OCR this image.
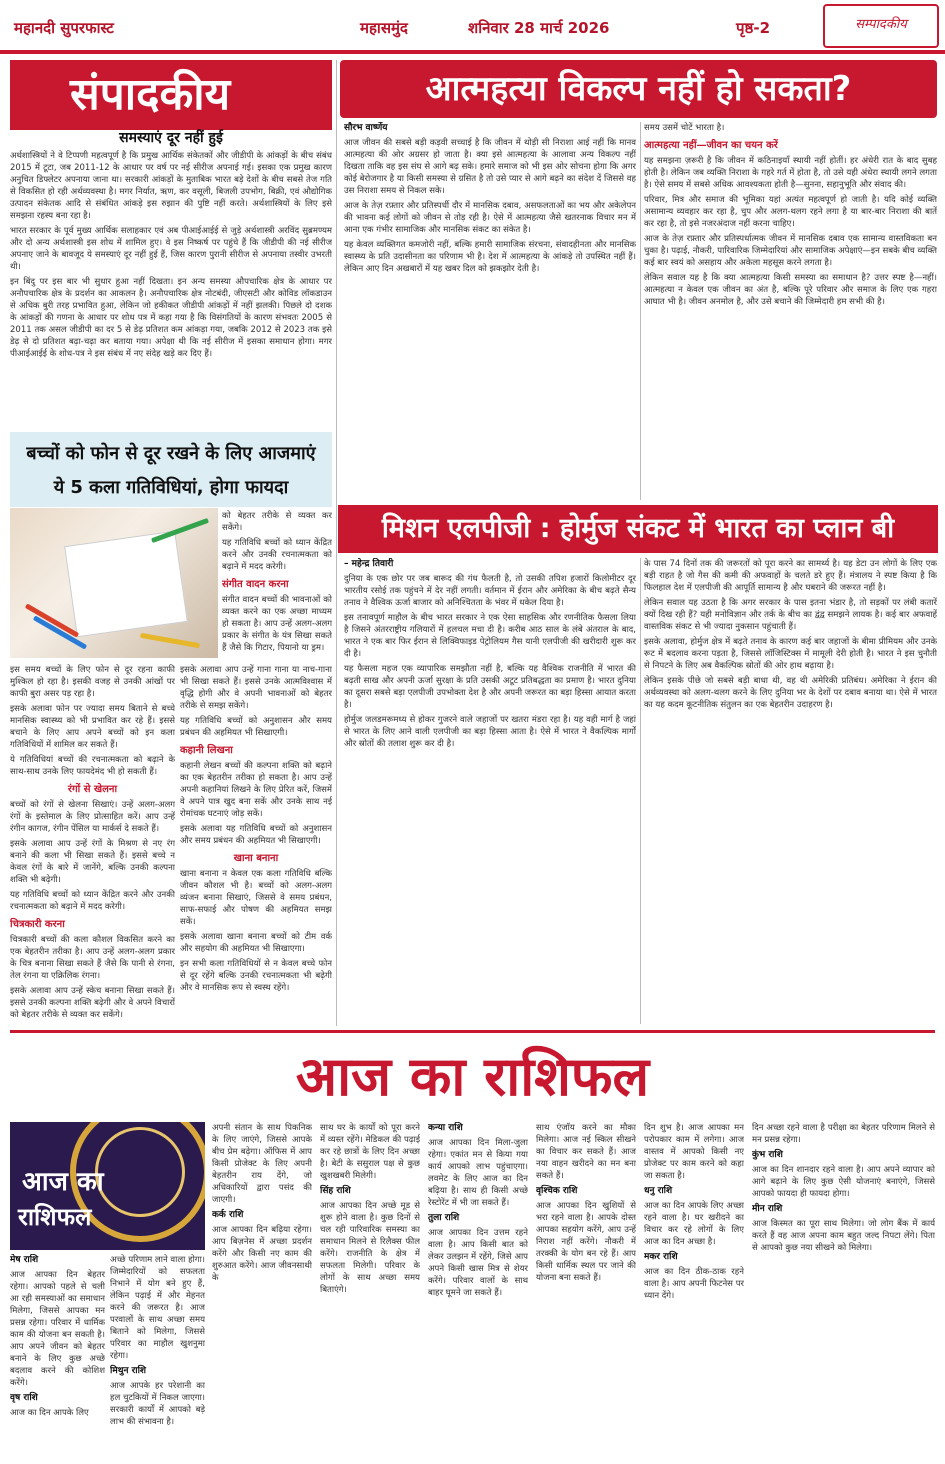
महानदी सुपरफास्ट	महासमुंद	शनिवार 28 मार्च 2026	पृष्ठ-2	सम्पादकीय
संपादकीय
समस्याएं दूर नहीं हुई

अर्थशास्त्रियों ने वे टिप्पणी महत्वपूर्ण है कि प्रमुख आर्थिक संकेतकों और जीडीपी के आंकड़ों के बीच संबंध 2015 में टूटा, जब 2011-12 के आधार पर वर्ष पर नई सीरीज अपनाई गई। इसका एक प्रमुख कारण अनुचित डिफ्लेटर अपनाया जाना था। सरकारी आंकड़ों के मुताबिक भारत बड़े देशों के बीच सबसे तेज गति से विकसित हो रही अर्थव्यवस्था है। मगर निर्यात, ऋण, कर वसूली, बिजली उपभोग, बिक्री, एवं औद्योगिक उत्पादन संकेतक आदि से संबंधित आंकड़े इस रुझान की पुष्टि नहीं करते। अर्थशास्त्रियों के लिए इसे समझना रहस्य बना रहा है।

भारत सरकार के पूर्व मुख्य आर्थिक सलाहकार एवं अब पीआईआईई से जुड़े अर्थशास्त्री अरविंद सुब्रमण्यम और दो अन्य अर्थशास्त्री इस शोध में शामिल हुए। वे इस निष्कर्ष पर पहुंचे हैं कि जीडीपी की नई सीरीज अपनाए जाने के बावजूद ये समस्याएं दूर नहीं हुई हैं, जिस कारण पुरानी सीरीज से अपनाया तस्वीर उभरती थी।

इन बिंदु पर इस बार भी सुधार हुआ नहीं दिखता। इन अन्य समस्या औपचारिक क्षेत्र के आधार पर अनौपचारिक क्षेत्र के प्रदर्शन का आकलन है। अनौपचारिक क्षेत्र नोटबंदी, जीएसटी और कोविड लॉकडाउन से अधिक बुरी तरह प्रभावित हुआ, लेकिन जो हकीकत जीडीपी आंकड़ों में नहीं झलकी। पिछले दो दशक के आंकड़ों की गणना के आधार पर शोध पत्र में कहा गया है कि विसंगतियों के कारण संभवतः 2005 से 2011 तक असल जीडीपी का दर 5 से डेढ़ प्रतिशत कम आंकड़ा गया, जबकि 2012 से 2023 तक इसे डेढ़ से दो प्रतिशत बढ़ा-चढ़ा कर बताया गया। अपेक्षा थी कि नई सीरीज में इसका समाधान होगा। मगर पीआईआईई के शोध-पत्र ने इस संबंध में नए संदेह खड़े कर दिए हैं।

बच्चों को फोन से दूर रखने के लिए आजमाएं
ये 5 कला गतिविधियां, होगा फायदा

को बेहतर तरीके से व्यक्त कर सकेंगे।

यह गतिविधि बच्चों को ध्यान केंद्रित करने और उनकी रचनात्मकता को बढ़ाने में मदद करेगी।

संगीत वादन करना

संगीत वादन बच्चों की भावनाओं को व्यक्त करने का एक अच्छा माध्यम हो सकता है। आप उन्हें अलग-अलग प्रकार के संगीत के यंत्र सिखा सकते हैं जैसे कि गिटार, पियानो या ड्रम।

इस समय बच्चों के लिए फोन से दूर रहना काफी मुश्किल हो रहा है। इसकी वजह से उनकी आंखों पर काफी बुरा असर पड़ रहा है।

इसके अलावा फोन पर ज्यादा समय बिताने से बच्चे मानसिक स्वास्थ्य को भी प्रभावित कर रहे हैं। इससे बचाने के लिए आप अपने बच्चों को इन कला गतिविधियों में शामिल कर सकते हैं।

ये गतिविधियां बच्चों की रचनात्मकता को बढ़ाने के साथ-साथ उनके लिए फायदेमंद भी हो सकती हैं।

रंगों से खेलना

बच्चों को रंगों से खेलना सिखाएं। उन्हें अलग-अलग रंगों के इस्तेमाल के लिए प्रोत्साहित करें। आप उन्हें रंगीन कागज, रंगीन पेंसिल या मार्कर्स दे सकते हैं।

इसके अलावा आप उन्हें रंगों के मिश्रण से नए रंग बनाने की कला भी सिखा सकते हैं। इससे बच्चे न केवल रंगों के बारे में जानेंगे, बल्कि उनकी कल्पना शक्ति भी बढ़ेगी।

यह गतिविधि बच्चों को ध्यान केंद्रित करने और उनकी रचनात्मकता को बढ़ाने में मदद करेगी।

चित्रकारी करना

चित्रकारी बच्चों की कला कौशल विकसित करने का एक बेहतरीन तरीका है। आप उन्हें अलग-अलग प्रकार के चित्र बनाना सिखा सकते हैं जैसे कि पानी से रंगना, तेल रंगना या एक्रिलिक रंगना।

इसके अलावा आप उन्हें स्केच बनाना सिखा सकते हैं। इससे उनकी कल्पना शक्ति बढ़ेगी और वे अपने विचारों को बेहतर तरीके से व्यक्त कर सकेंगे।

इसके अलावा आप उन्हें गाना गाना या नाच-गाना भी सिखा सकते हैं। इससे उनके आत्मविश्वास में वृद्धि होगी और वे अपनी भावनाओं को बेहतर तरीके से समझ सकेंगे।

यह गतिविधि बच्चों को अनुशासन और समय प्रबंधन की अहमियत भी सिखाएगी।

कहानी लिखना

कहानी लेखन बच्चों की कल्पना शक्ति को बढ़ाने का एक बेहतरीन तरीका हो सकता है। आप उन्हें अपनी कहानियां लिखने के लिए प्रेरित करें, जिसमें वे अपने पात्र खुद बना सकें और उनके साथ नई रोमांचक घटनाएं जोड़ सकें।

इसके अलावा यह गतिविधि बच्चों को अनुशासन और समय प्रबंधन की अहमियत भी सिखाएगी।

खाना बनाना

खाना बनाना न केवल एक कला गतिविधि बल्कि जीवन कौशल भी है। बच्चों को अलग-अलग व्यंजन बनाना सिखाएं, जिससे वे समय प्रबंधन, साफ-सफाई और पोषण की अहमियत समझ सकें।

इसके अलावा खाना बनाना बच्चों को टीम वर्क और सहयोग की अहमियत भी सिखाएगा।

इन सभी कला गतिविधियों से न केवल बच्चे फोन से दूर रहेंगे बल्कि उनकी रचनात्मकता भी बढ़ेगी और वे मानसिक रूप से स्वस्थ रहेंगे।

आत्महत्या विकल्प नहीं हो सकता?
सौरभ वार्ष्णेय

आज जीवन की सबसे बड़ी कड़वी सच्चाई है कि जीवन में थोड़ी सी निराशा आई नहीं कि मानव आत्महत्या की ओर अग्रसर हो जाता है। क्या इसे आत्महत्या के आलावा अन्य विकल्प नहीं दिखता ताकि वह इस संघ से आगे बढ़ सके। हमारे समाज को भी इस ओर सोचना होगा कि अगर कोई बेरोजगार है या किसी समस्या से ग्रसित है तो उसे प्यार से आगे बढ़ने का संदेश दें जिससे वह उस निराशा समय से निकल सके।

आज के तेज़ रफ़्तार और प्रतिस्पर्धी दौर में मानसिक दबाव, असफलताओं का भय और अकेलेपन की भावना कई लोगों को जीवन से तोड़ रही है। ऐसे में आत्महत्या जैसे खतरनाक विचार मन में आना एक गंभीर सामाजिक और मानसिक संकट का संकेत है।

यह केवल व्यक्तिगत कमजोरी नहीं, बल्कि हमारी सामाजिक संरचना, संवादहीनता और मानसिक स्वास्थ्य के प्रति उदासीनता का परिणाम भी है। देश में आत्महत्या के आंकड़े तो उपस्थित नहीं हैं। लेकिन आए दिन अखबारों में यह खबर दिल को झकझोर देती है।

समय उसमें चोटें भारता है।

आत्महत्या नहीं—जीवन का चयन करें

यह समझना ज़रूरी है कि जीवन में कठिनाइयाँ स्थायी नहीं होतीं। हर अंधेरी रात के बाद सुबह होती है। लेकिन जब व्यक्ति निराशा के गहरे गर्त में होता है, तो उसे यही अंधेरा स्थायी लगने लगता है। ऐसे समय में सबसे अधिक आवश्यकता होती है—सुनना, सहानुभूति और संवाद की।

परिवार, मित्र और समाज की भूमिका यहां अत्यंत महत्वपूर्ण हो जाती है। यदि कोई व्यक्ति असामान्य व्यवहार कर रहा है, चुप और अलग-थलग रहने लगा है या बार-बार निराशा की बातें कर रहा है, तो इसे नजरअंदाज नहीं करना चाहिए।

आज के तेज़ रफ़्तार और प्रतिस्पर्धात्मक जीवन में मानसिक दबाव एक सामान्य वास्तविकता बन चुका है। पढ़ाई, नौकरी, पारिवारिक जिम्मेदारियां और सामाजिक अपेक्षाएं—इन सबके बीच व्यक्ति कई बार स्वयं को असहाय और अकेला महसूस करने लगता है।

लेकिन सवाल यह है कि क्या आत्महत्या किसी समस्या का समाधान है? उत्तर स्पष्ट है—नहीं। आत्महत्या न केवल एक जीवन का अंत है, बल्कि पूरे परिवार और समाज के लिए एक गहरा आघात भी है। जीवन अनमोल है, और उसे बचाने की जिम्मेदारी हम सभी की है।

मिशन एलपीजी : होर्मुज संकट में भारत का प्लान बी
– महेन्द्र तिवारी

दुनिया के एक छोर पर जब बारूद की गंध फैलती है, तो उसकी तपिश हजारों किलोमीटर दूर भारतीय रसोई तक पहुंचने में देर नहीं लगती। वर्तमान में ईरान और अमेरिका के बीच बढ़ते सैन्य तनाव ने वैश्विक ऊर्जा बाजार को अनिश्चितता के भंवर में धकेल दिया है।

इस तनावपूर्ण माहौल के बीच भारत सरकार ने एक ऐसा साहसिक और रणनीतिक फैसला लिया है जिसने अंतरराष्ट्रीय गलियारों में हलचल मचा दी है। करीब आठ साल के लंबे अंतराल के बाद, भारत ने एक बार फिर ईरान से लिक्विफाइड पेट्रोलियम गैस यानी एलपीजी की खरीदारी शुरू कर दी है।

यह फैसला महज एक व्यापारिक समझौता नहीं है, बल्कि यह वैश्विक राजनीति में भारत की बढ़ती साख और अपनी ऊर्जा सुरक्षा के प्रति उसकी अटूट प्रतिबद्धता का प्रमाण है। भारत दुनिया का दूसरा सबसे बड़ा एलपीजी उपभोक्ता देश है और अपनी जरूरत का बड़ा हिस्सा आयात करता है।

होर्मुज जलडमरूमध्य से होकर गुजरने वाले जहाजों पर खतरा मंडरा रहा है। यह वही मार्ग है जहां से भारत के लिए आने वाली एलपीजी का बड़ा हिस्सा आता है। ऐसे में भारत ने वैकल्पिक मार्गों और स्रोतों की तलाश शुरू कर दी है।

के पास 74 दिनों तक की जरूरतों को पूरा करने का सामर्थ्य है। यह डेटा उन लोगों के लिए एक बड़ी राहत है जो गैस की कमी की अफवाहों के चलते डरे हुए हैं। मंत्रालय ने स्पष्ट किया है कि फिलहाल देश में एलपीजी की आपूर्ति सामान्य है और घबराने की जरूरत नहीं है।

लेकिन सवाल यह उठता है कि अगर सरकार के पास इतना भंडार है, तो सड़कों पर लंबी कतारें क्यों दिख रही हैं? यही मनोविज्ञान और तर्क के बीच का द्वंद्व समझने लायक है। कई बार अफवाहें वास्तविक संकट से भी ज्यादा नुकसान पहुंचाती हैं।

इसके अलावा, होर्मुज क्षेत्र में बढ़ते तनाव के कारण कई बार जहाजों के बीमा प्रीमियम और उनके रूट में बदलाव करना पड़ता है, जिससे लॉजिस्टिक्स में मामूली देरी होती है। भारत ने इस चुनौती से निपटने के लिए अब वैकल्पिक स्रोतों की ओर हाथ बढ़ाया है।

लेकिन इसके पीछे जो सबसे बड़ी बाधा थी, वह थी अमेरिकी प्रतिबंध। अमेरिका ने ईरान की अर्थव्यवस्था को अलग-थलग करने के लिए दुनिया भर के देशों पर दबाव बनाया था। ऐसे में भारत का यह कदम कूटनीतिक संतुलन का एक बेहतरीन उदाहरण है।

आज का राशिफल
आज का
राशिफल
मेष राशि

आज आपका दिन बेहतर रहेगा। आपको पहले से चली आ रही समस्याओं का समाधान मिलेगा, जिससे आपका मन प्रसन्न रहेगा। परिवार में धार्मिक काम की योजना बन सकती है। आप अपने जीवन को बेहतर बनाने के लिए कुछ अच्छे बदलाव करने की कोशिश करेंगे।

वृष राशि

आज का दिन आपके लिए

अच्छे परिणाम लाने वाला होगा। जिम्मेदारियों को सफलता निभाने में योग बने हुए हैं, लेकिन पढ़ाई में और मेहनत करने की जरूरत है। आज परवालों के साथ अच्छा समय बिताने को मिलेगा, जिससे परिवार का माहौल खुशनुमा रहेगा।

मिथुन राशि

आज आपके हर परेशानी का हल चुटकियों में निकल जाएगा। सरकारी कार्यों में आपको बड़े लाभ की संभावना है।

अपनी संतान के साथ पिकनिक के लिए जाएंगे, जिससे आपके बीच प्रेम बढ़ेगा। ऑफिस में आप किसी प्रोजेक्ट के लिए अपनी बेहतरीन राय देंगे, जो अधिकारियों द्वारा पसंद की जाएगी।

कर्क राशि

आज आपका दिन बढ़िया रहेगा। आप बिज़नेस में अच्छा प्रदर्शन करेंगे और किसी नए काम की शुरुआत करेंगे। आज जीवनसाथी के

साथ घर के कार्यों को पूरा करने में व्यस्त रहेंगे। मेडिकल की पढ़ाई कर रहे छात्रों के लिए दिन अच्छा है। बेटी के ससुराल पक्ष से कुछ खुशखबरी मिलेगी।

सिंह राशि

आज आपका दिन अच्छे मूड से शुरू होने वाला है। कुछ दिनों से चल रही पारिवारिक समस्या का समाधान मिलने से रिलैक्स फील करेंगे। राजनीति के क्षेत्र में सफलता मिलेगी। परिवार के लोगों के साथ अच्छा समय बिताएंगे।

कन्या राशि

आज आपका दिन मिला-जुला रहेगा। एकांत मन से किया गया कार्य आपको लाभ पहुंचाएगा। लवमेट के लिए आज का दिन बढ़िया है। साथ ही किसी अच्छे रेस्टोरेंट में भी जा सकते हैं।

तुला राशि

आज आपका दिन उत्तम रहने वाला है। आप किसी बात को लेकर उलझन में रहेंगे, जिसे आप अपने किसी खास मित्र से शेयर करेंगे। परिवार वालों के साथ बाहर घूमने जा सकते हैं।

साथ एंजॉय करने का मौका मिलेगा। आज नई स्किल सीखने का विचार कर सकते हैं। आज नया वाहन खरीदने का मन बना सकते हैं।

वृश्चिक राशि

आज आपका दिन खुशियों से भरा रहने वाला है। आपके दोस्त आपका सहयोग करेंगे, आप उन्हें निराश नहीं करेंगे। नौकरी में तरक्की के योग बन रहे हैं। आप किसी धार्मिक स्थल पर जाने की योजना बना सकते हैं।

दिन शुभ है। आज आपका मन परोपकार काम में लगेगा। आज वास्तव में आपको किसी नए प्रोजेक्ट पर काम करने को कहा जा सकता है।

धनु राशि

आज का दिन आपके लिए अच्छा रहने वाला है। घर खरीदने का विचार कर रहे लोगों के लिए आज का दिन अच्छा है।

मकर राशि

आज का दिन ठीक-ठाक रहने वाला है। आप अपनी फिटनेस पर ध्यान देंगे।

दिन अच्छा रहने वाला है परीक्षा का बेहतर परिणाम मिलने से मन प्रसन्न रहेगा।

कुंभ राशि

आज का दिन शानदार रहने वाला है। आप अपने व्यापार को आगे बढ़ाने के लिए कुछ ऐसी योजनाएं बनाएंगे, जिससे आपको फायदा ही फायदा होगा।

मीन राशि

आज किस्मत का पूरा साथ मिलेगा। जो लोग बैंक में कार्य करते हैं वह आज अपना काम बहुत जल्द निपटा लेंगे। पिता से आपको कुछ नया सीखने को मिलेगा।
